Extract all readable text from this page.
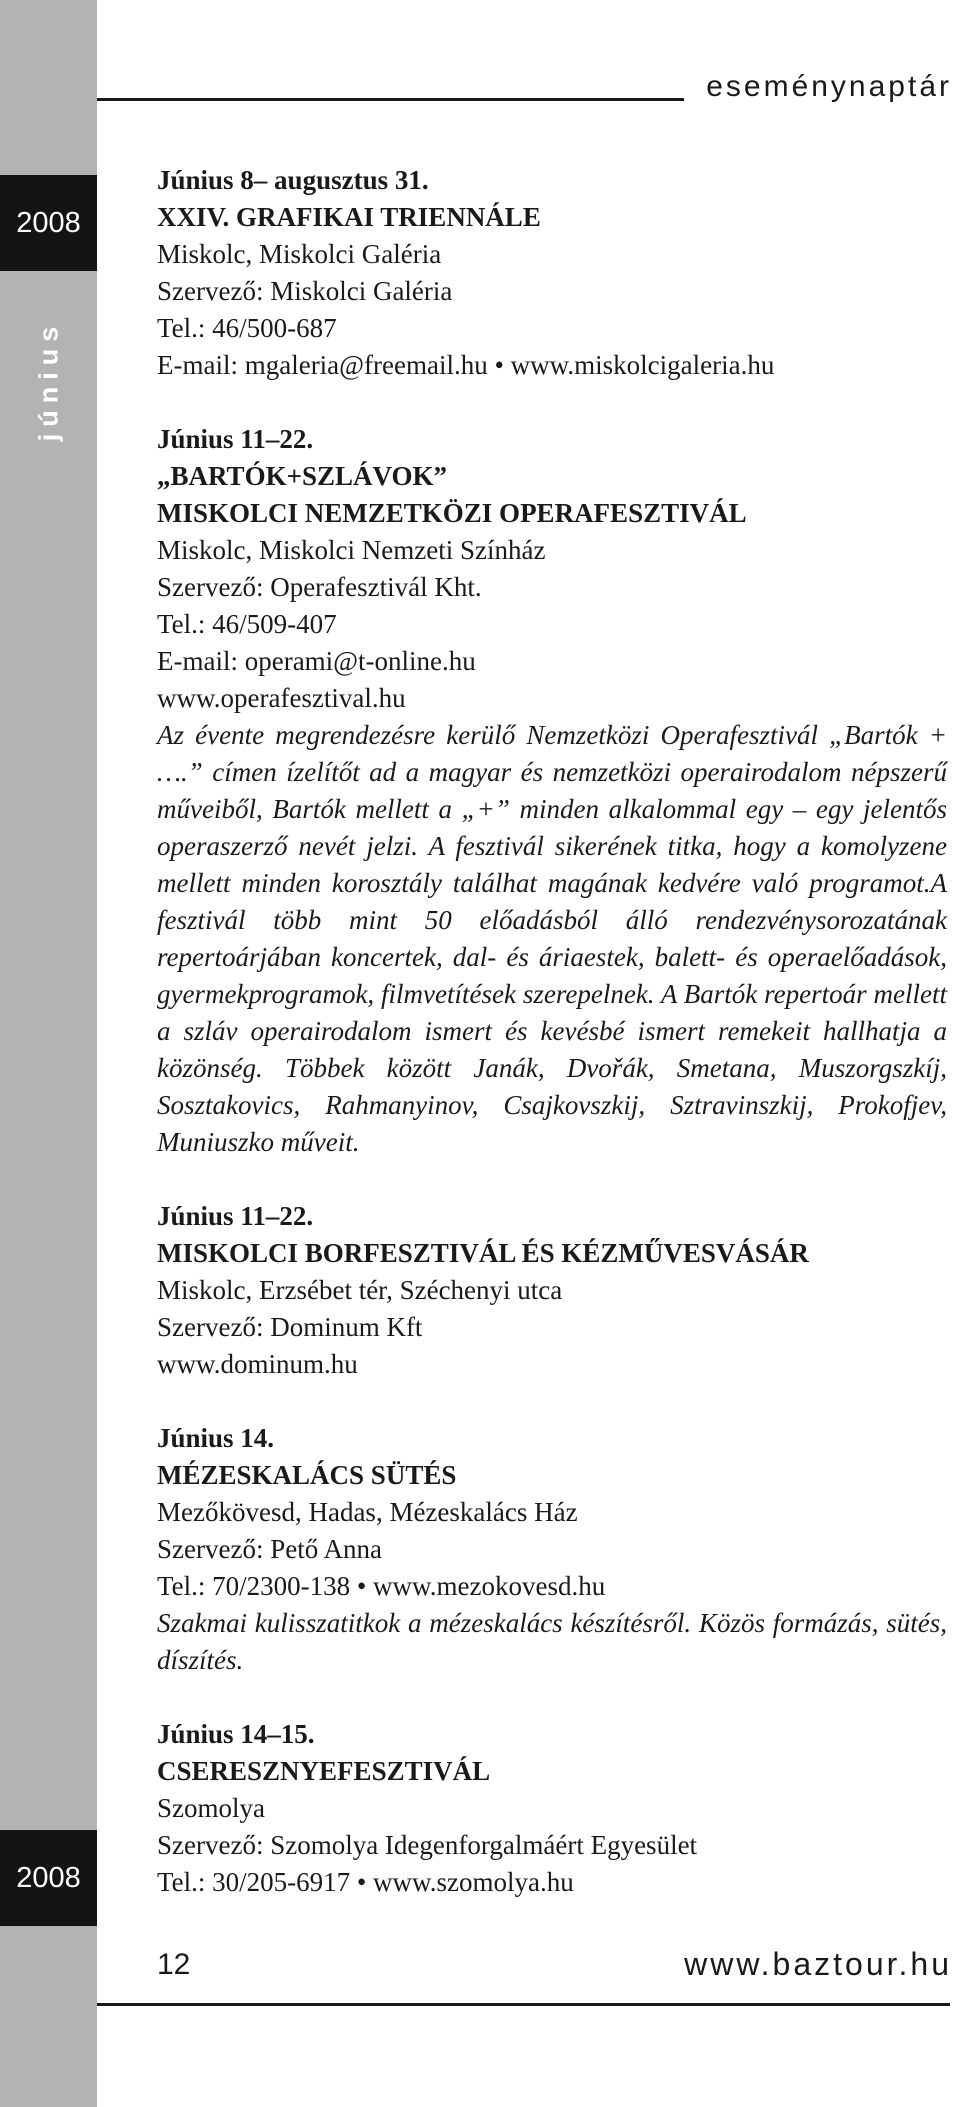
2008
június
2008
eseménynaptár
Június 8– augusztus 31.
XXIV. GRAFIKAI TRIENNÁLE
Miskolc, Miskolci Galéria
Szervező: Miskolci Galéria
Tel.: 46/500-687
E-mail: mgaleria@freemail.hu • www.miskolcigaleria.hu
Június 11–22.
„BARTÓK+SZLÁVOK”
MISKOLCI NEMZETKÖZI OPERAFESZTIVÁL
Miskolc, Miskolci Nemzeti Színház
Szervező: Operafesztivál Kht.
Tel.: 46/509-407
E-mail: operami@t-online.hu
www.operafesztival.hu
Az évente megrendezésre kerülő Nemzetközi Operafesztivál „Bartók + ….” címen ízelítőt ad a magyar és nemzetközi operairodalom népszerű műveiből, Bartók mellett a „+” minden alkalommal egy – egy jelentős operaszerző nevét jelzi. A fesztivál sikerének titka, hogy a komolyzene mellett minden korosztály találhat magának kedvére való programot.A fesztivál több mint 50 előadásból álló rendezvénysorozatának repertoárjában koncertek, dal- és áriaestek, balett- és operaelőadások, gyermekprogramok, filmvetítések szerepelnek. A Bartók repertoár mellett a szláv operairodalom ismert és kevésbé ismert remekeit hallhatja a közönség. Többek között Janák, Dvořák, Smetana, Muszorgszkíj, Sosztakovics, Rahmanyinov, Csajkovszkij, Sztravinszkij, Prokofjev, Muniuszko műveit.
Június 11–22.
MISKOLCI BORFESZTIVÁL ÉS KÉZMŰVESVÁSÁR
Miskolc, Erzsébet tér, Széchenyi utca
Szervező: Dominum Kft
www.dominum.hu
Június 14.
MÉZESKALÁCS SÜTÉS
Mezőkövesd, Hadas, Mézeskalács Ház
Szervező: Pető Anna
Tel.: 70/2300-138 • www.mezokovesd.hu
Szakmai kulisszatitkok a mézeskalács készítésről. Közös formázás, sütés, díszítés.
Június 14–15.
CSERESZNYEFESZTIVÁL
Szomolya
Szervező: Szomolya Idegenforgalmáért Egyesület
Tel.: 30/205-6917 • www.szomolya.hu
12	www.baztour.hu
